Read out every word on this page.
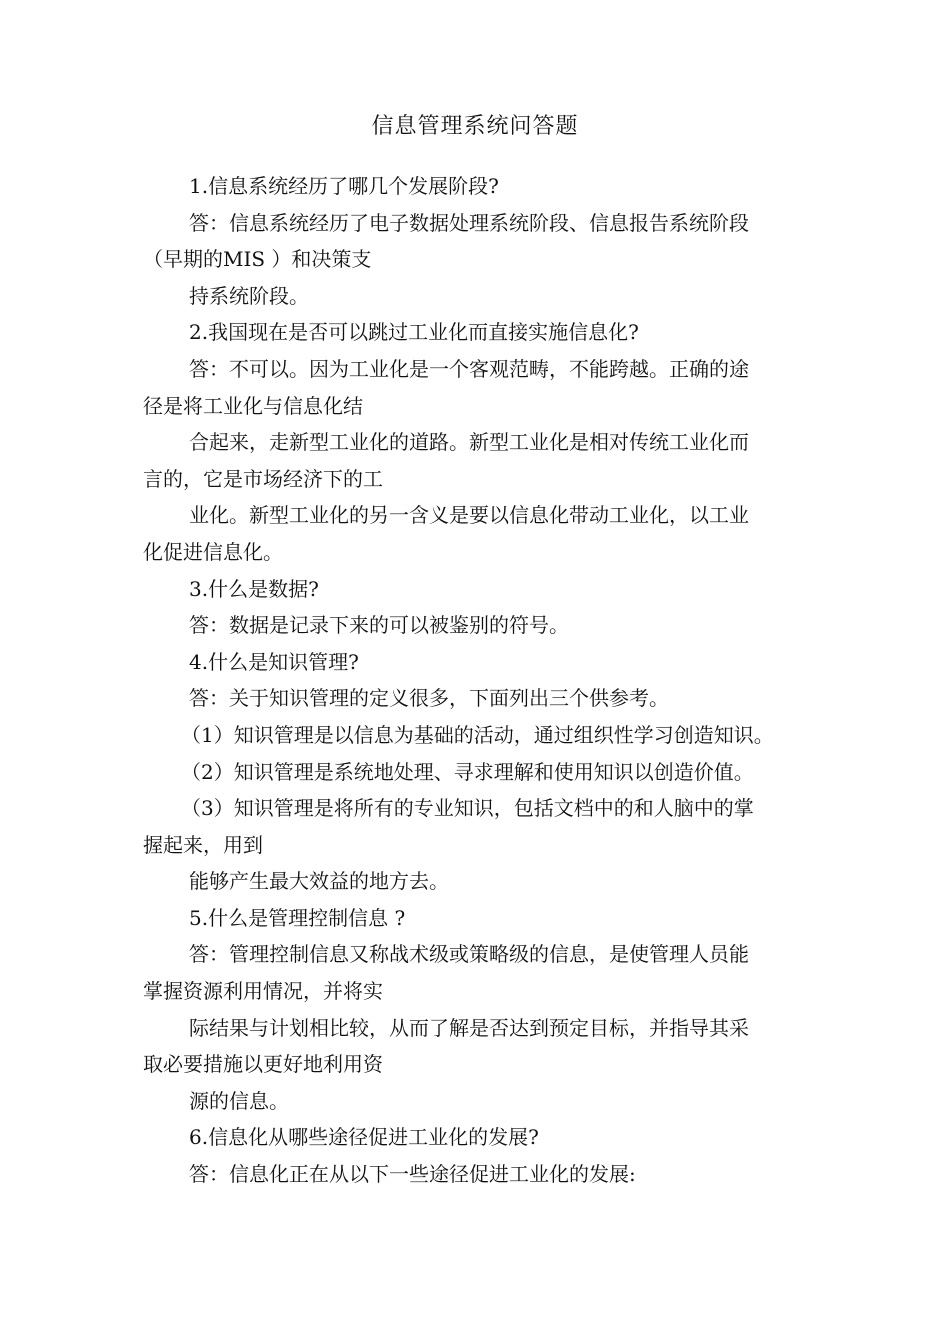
信息管理系统问答题
1.信息系统经历了哪几个发展阶段?
答：信息系统经历了电子数据处理系统阶段、信息报告系统阶段
（早期的MIS ）和决策支
持系统阶段。
2.我国现在是否可以跳过工业化而直接实施信息化?
答：不可以。因为工业化是一个客观范畴，不能跨越。正确的途
径是将工业化与信息化结
合起来，走新型工业化的道路。新型工业化是相对传统工业化而
言的，它是市场经济下的工
业化。新型工业化的另一含义是要以信息化带动工业化，以工业
化促进信息化。
3.什么是数据?
答：数据是记录下来的可以被鉴别的符号。
4.什么是知识管理?
答：关于知识管理的定义很多，下面列出三个供参考。
（1）知识管理是以信息为基础的活动，通过组织性学习创造知识。
（2）知识管理是系统地处理、寻求理解和使用知识以创造价值。
（3）知识管理是将所有的专业知识，包括文档中的和人脑中的掌
握起来，用到
能够产生最大效益的地方去。
5.什么是管理控制信息 ?
答：管理控制信息又称战术级或策略级的信息，是使管理人员能
掌握资源利用情况，并将实
际结果与计划相比较，从而了解是否达到预定目标，并指导其采
取必要措施以更好地利用资
源的信息。
6.信息化从哪些途径促进工业化的发展?
答：信息化正在从以下一些途径促进工业化的发展:
